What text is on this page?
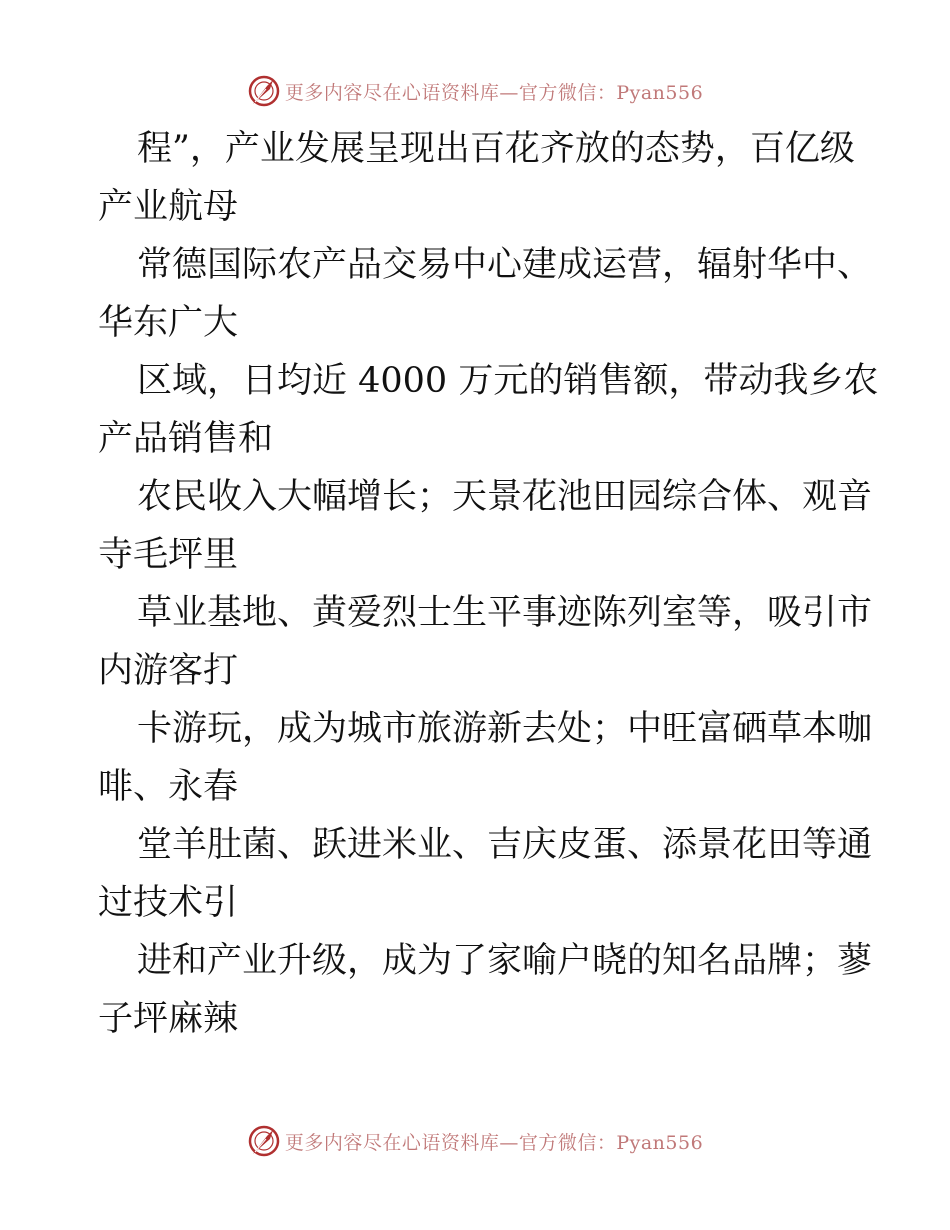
更多内容尽在心语资料库—官方微信：Pyan556
程”，产业发展呈现出百花齐放的态势，百亿级
产业航母
常德国际农产品交易中心建成运营，辐射华中、
华东广大
区域，日均近 4000 万元的销售额，带动我乡农
产品销售和
农民收入大幅增长；天景花池田园综合体、观音
寺毛坪里
草业基地、黄爱烈士生平事迹陈列室等，吸引市
内游客打
卡游玩，成为城市旅游新去处；中旺富硒草本咖
啡、永春
堂羊肚菌、跃进米业、吉庆皮蛋、添景花田等通
过技术引
进和产业升级，成为了家喻户晓的知名品牌；蓼
子坪麻辣
更多内容尽在心语资料库—官方微信：Pyan556
